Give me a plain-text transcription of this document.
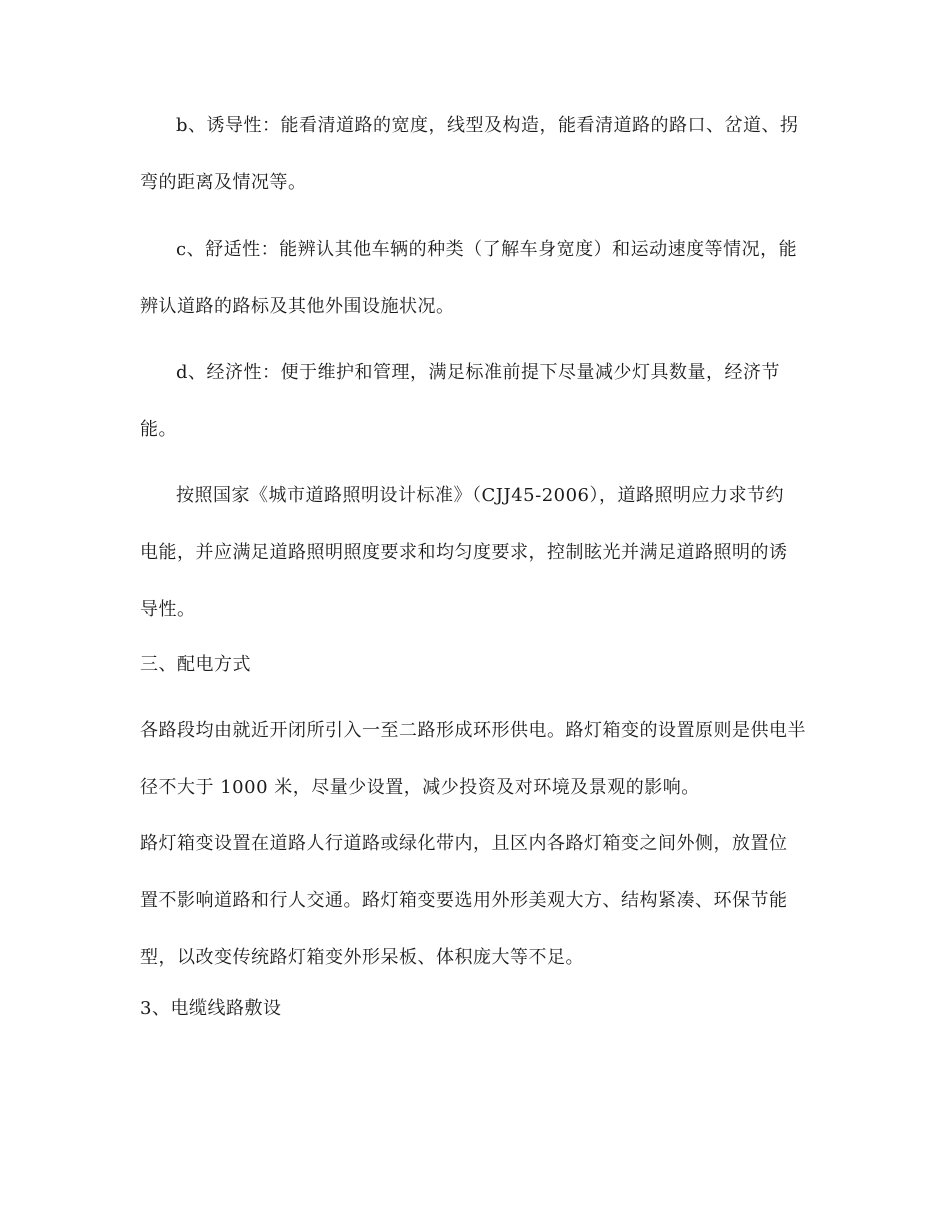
b、诱导性：能看清道路的宽度，线型及构造，能看清道路的路口、岔道、拐
弯的距离及情况等。

c、舒适性：能辨认其他车辆的种类（了解车身宽度）和运动速度等情况，能
辨认道路的路标及其他外围设施状况。

d、经济性：便于维护和管理，满足标准前提下尽量减少灯具数量，经济节
能。

按照国家《城市道路照明设计标准》（CJJ45-2006），道路照明应力求节约
电能，并应满足道路照明照度要求和均匀度要求，控制眩光并满足道路照明的诱
导性。

三、配电方式

各路段均由就近开闭所引入一至二路形成环形供电。路灯箱变的设置原则是供电半
径不大于 1000 米，尽量少设置，减少投资及对环境及景观的影响。

路灯箱变设置在道路人行道路或绿化带内，且区内各路灯箱变之间外侧，放置位
置不影响道路和行人交通。路灯箱变要选用外形美观大方、结构紧凑、环保节能
型，以改变传统路灯箱变外形呆板、体积庞大等不足。

3、电缆线路敷设
